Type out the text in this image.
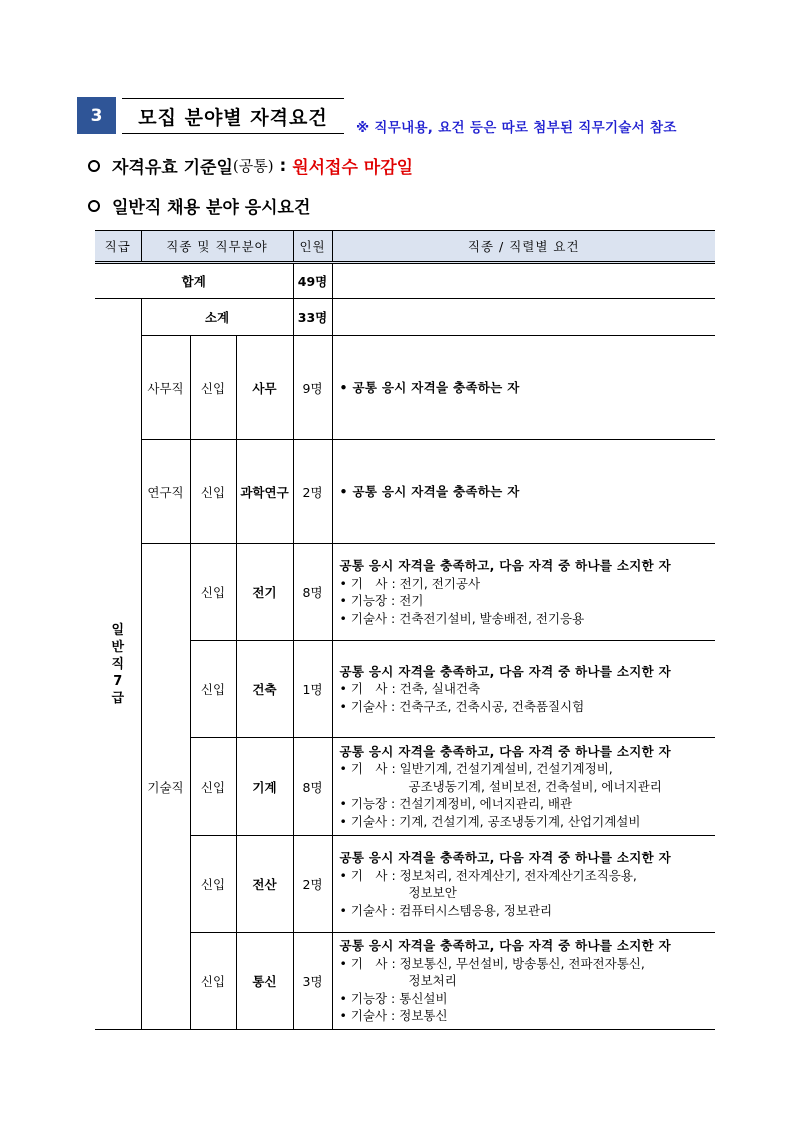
3	모집 분야별 자격요건	※ 직무내용, 요건 등은 따로 첨부된 직무기술서 참조
자격유효 기준일 (공통) : 원서접수 마감일
일반직 채용 분야 응시요건
직급	직종 및 직무분야			인원	직종 / 직렬별 요건
합계				49명	

일
반
직
7
급	소계			33명	
	사무직	신입	사무	9명	• 공통 응시 자격을 충족하는 자

	연구직	신입	과학연구	2명	• 공통 응시 자격을 충족하는 자

	기술직	신입	전기	8명	공통 응시 자격을 충족하고, 다음 자격 중 하나를 소지한 자
• 기　사 : 전기, 전기공사
• 기능장 : 전기
• 기술사 : 건축전기설비, 발송배전, 전기응용

		신입	건축	1명	공통 응시 자격을 충족하고, 다음 자격 중 하나를 소지한 자
• 기　사 : 건축, 실내건축
• 기술사 : 건축구조, 건축시공, 건축품질시험

		신입	기계	8명	공통 응시 자격을 충족하고, 다음 자격 중 하나를 소지한 자
• 기　사 : 일반기계, 건설기계설비, 건설기계정비,
공조냉동기계, 설비보전, 건축설비, 에너지관리
• 기능장 : 건설기계정비, 에너지관리, 배관
• 기술사 : 기계, 건설기계, 공조냉동기계, 산업기계설비

		신입	전산	2명	공통 응시 자격을 충족하고, 다음 자격 중 하나를 소지한 자
• 기　사 : 정보처리, 전자계산기, 전자계산기조직응용,
정보보안
• 기술사 : 컴퓨터시스템응용, 정보관리

		신입	통신	3명	공통 응시 자격을 충족하고, 다음 자격 중 하나를 소지한 자
• 기　사 : 정보통신, 무선설비, 방송통신, 전파전자통신,
정보처리
• 기능장 : 통신설비
• 기술사 : 정보통신
